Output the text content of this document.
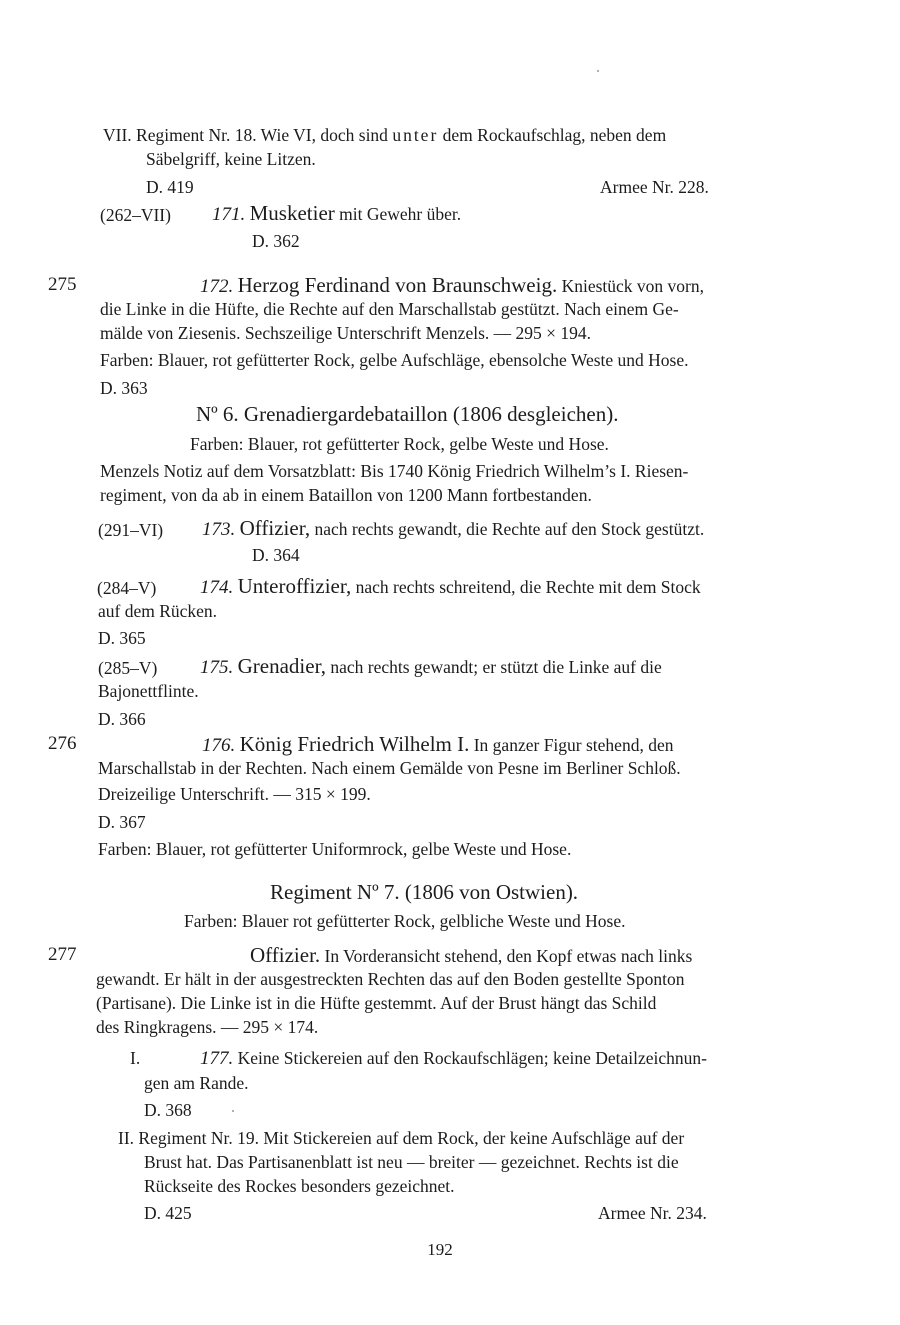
VII. Regiment Nr. 18. Wie VI, doch sind unter dem Rockaufschlag, neben dem
Säbelgriff, keine Litzen.
D. 419	Armee Nr. 228.
(262–VII) 171. Musketier mit Gewehr über.
D. 362
275	172. Herzog Ferdinand von Braunschweig. Kniestück von vorn,
die Linke in die Hüfte, die Rechte auf den Marschallstab gestützt. Nach einem Ge-
mälde von Ziesenis. Sechszeilige Unterschrift Menzels. — 295 × 194.
Farben: Blauer, rot gefütterter Rock, gelbe Aufschläge, ebensolche Weste und Hose.
D. 363
Nº 6. Grenadiergardebataillon (1806 desgleichen).
Farben: Blauer, rot gefütterter Rock, gelbe Weste und Hose.
Menzels Notiz auf dem Vorsatzblatt: Bis 1740 König Friedrich Wilhelm’s I. Riesen-
regiment, von da ab in einem Bataillon von 1200 Mann fortbestanden.
(291–VI) 173. Offizier, nach rechts gewandt, die Rechte auf den Stock gestützt.
D. 364
(284–V) 174. Unteroffizier, nach rechts schreitend, die Rechte mit dem Stock
auf dem Rücken.
D. 365
(285–V) 175. Grenadier, nach rechts gewandt; er stützt die Linke auf die
Bajonettflinte.
D. 366
276	176. König Friedrich Wilhelm I. In ganzer Figur stehend, den
Marschallstab in der Rechten. Nach einem Gemälde von Pesne im Berliner Schloß.
Dreizeilige Unterschrift. — 315 × 199.
D. 367
Farben: Blauer, rot gefütterter Uniformrock, gelbe Weste und Hose.
Regiment Nº 7. (1806 von Ostwien).
Farben: Blauer rot gefütterter Rock, gelbliche Weste und Hose.
277	Offizier. In Vorderansicht stehend, den Kopf etwas nach links
gewandt. Er hält in der ausgestreckten Rechten das auf den Boden gestellte Sponton
(Partisane). Die Linke ist in die Hüfte gestemmt. Auf der Brust hängt das Schild
des Ringkragens. — 295 × 174.
I.	177. Keine Stickereien auf den Rockaufschlägen; keine Detailzeichnun-
gen am Rande.
D. 368
II. Regiment Nr. 19. Mit Stickereien auf dem Rock, der keine Aufschläge auf der
Brust hat. Das Partisanenblatt ist neu — breiter — gezeichnet. Rechts ist die
Rückseite des Rockes besonders gezeichnet.
D. 425	Armee Nr. 234.
192
